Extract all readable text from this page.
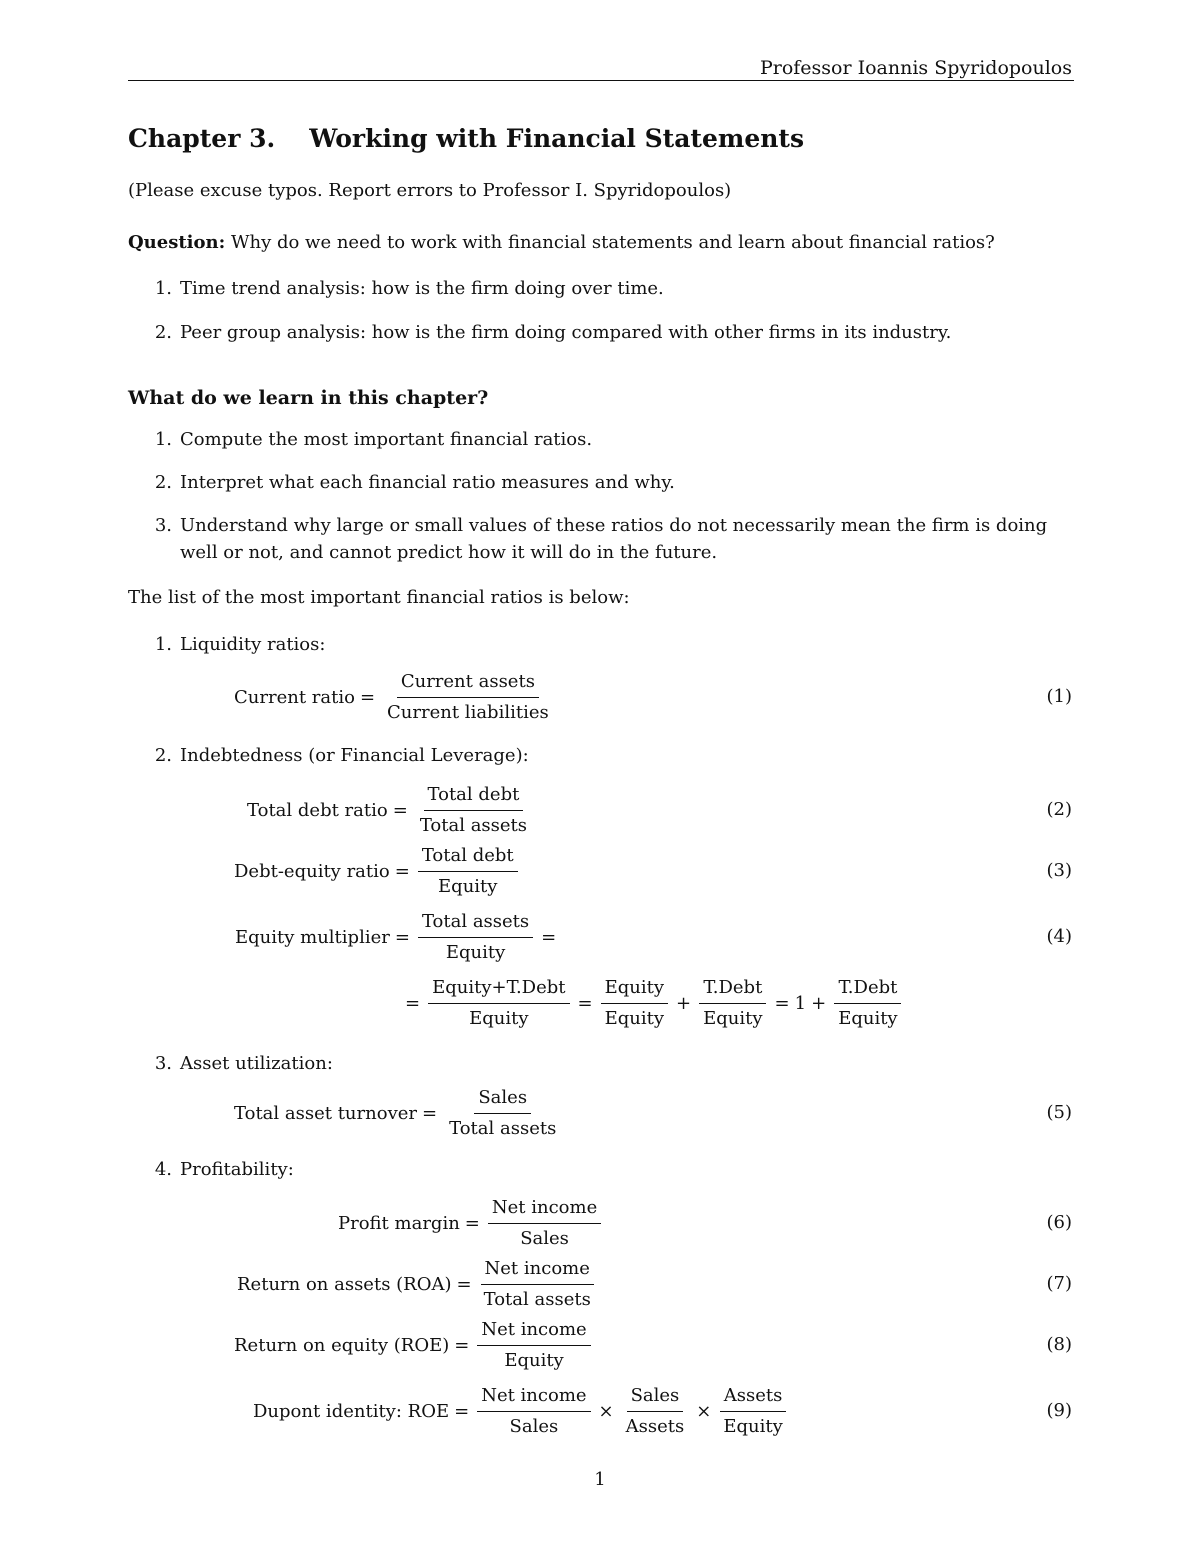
Professor Ioannis Spyridopoulos
Chapter 3. Working with Financial Statements
(Please excuse typos. Report errors to Professor I. Spyridopoulos)
Question: Why do we need to work with financial statements and learn about financial ratios?
1. Time trend analysis: how is the firm doing over time.
2. Peer group analysis: how is the firm doing compared with other firms in its industry.
What do we learn in this chapter?
1. Compute the most important financial ratios.
2. Interpret what each financial ratio measures and why.
3. Understand why large or small values of these ratios do not necessarily mean the firm is doing
well or not, and cannot predict how it will do in the future.
The list of the most important financial ratios is below:
1. Liquidity ratios:
Current ratio = $\frac{\text{Current assets}}{\text{Current liabilities}}$	(1)
2. Indebtedness (or Financial Leverage):
Total debt ratio = $\frac{\text{Total debt}}{\text{Total assets}}$	(2)
Debt-equity ratio = $\frac{\text{Total debt}}{\text{Equity}}$	(3)
Equity multiplier = $\frac{\text{Total assets}}{\text{Equity}}$ =	(4)
= $\frac{\text{Equity+T.Debt}}{\text{Equity}} = \frac{\text{Equity}}{\text{Equity}} + \frac{\text{T.Debt}}{\text{Equity}} = 1 + \frac{\text{T.Debt}}{\text{Equity}}$
3. Asset utilization:
Total asset turnover = $\frac{\text{Sales}}{\text{Total assets}}$	(5)
4. Profitability:
Profit margin = $\frac{\text{Net income}}{\text{Sales}}$	(6)
Return on assets $(ROA) = \frac{\text{Net income}}{\text{Total assets}}$	(7)
Return on equity $(ROE) = \frac{\text{Net income}}{\text{Equity}}$	(8)
Dupont identity: ROE = $\frac{\text{Net income}}{\text{Sales}} \times \frac{\text{Sales}}{\text{Assets}} \times \frac{\text{Assets}}{\text{Equity}}$	(9)
1
